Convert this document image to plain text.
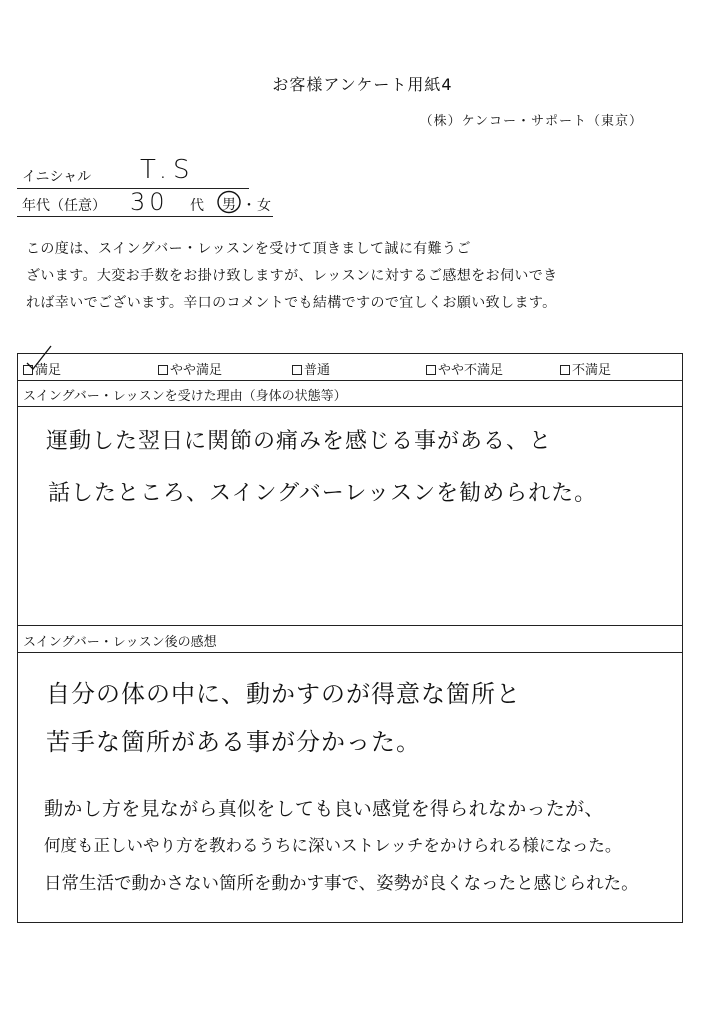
お客様アンケート用紙4
（株）ケンコー・サポート（東京）
イニシャル T.S
年代（任意） 30 代 男 ・ 女
この度は、スイングバー・レッスンを受けて頂きまして誠に有難うご
ざいます。大変お手数をお掛け致しますが、レッスンに対するご感想をお伺いでき
れば幸いでございます。辛口のコメントでも結構ですので宜しくお願い致します。
満足	やや満足	普通	やや不満足	不満足
スイングバー・レッスンを受けた理由（身体の状態等）
運動した翌日に関節の痛みを感じる事がある、と
話したところ、スイングバーレッスンを勧められた。
スイングバー・レッスン後の感想
自分の体の中に、動かすのが得意な箇所と
苦手な箇所がある事が分かった。
動かし方を見ながら真似をしても良い感覚を得られなかったが、
何度も正しいやり方を教わるうちに深いストレッチをかけられる様になった。
日常生活で動かさない箇所を動かす事で、姿勢が良くなったと感じられた。
